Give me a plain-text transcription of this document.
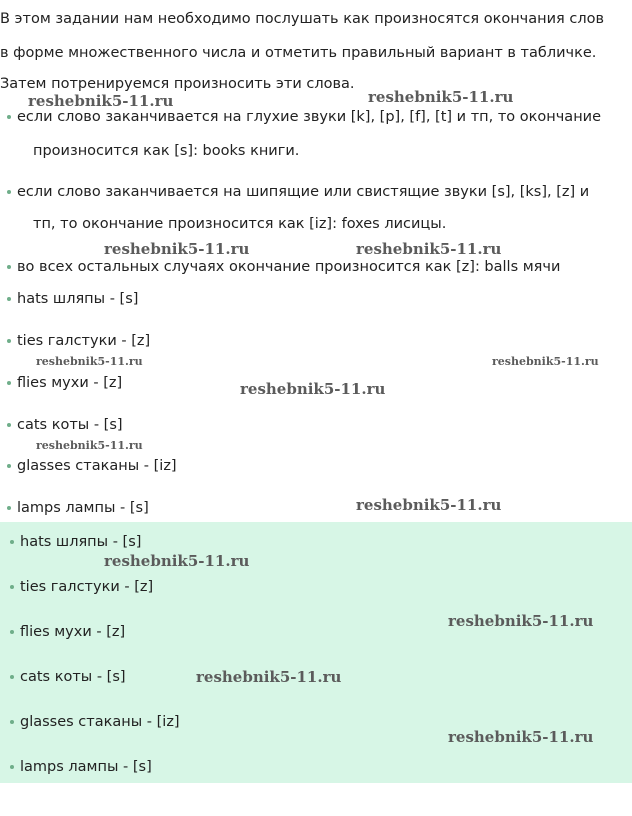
В этом задании нам необходимо послушать как произносятся окончания слов

в форме множественного числа и отметить правильный вариант в табличке.

Затем потренируемся произносить эти слова.

если слово заканчивается на глухие звуки [k], [p], [f], [t] и тп, то окончание

произносится как [s]: books книги.

если слово заканчивается на шипящие или свистящие звуки [s], [ks], [z] и

тп, то окончание произносится как [iz]: foxes лисицы.

во всех остальных случаях окончание произносится как [z]: balls мячи
hats шляпы - [s]
ties галстуки - [z]
flies мухи - [z]
cats коты - [s]
glasses стаканы - [iz]
lamps лампы - [s]
hats шляпы - [s]
ties галстуки - [z]
flies мухи - [z]
cats коты - [s]
glasses стаканы - [iz]
lamps лампы - [s]
reshebnik5-11.ru	reshebnik5-11.ru
reshebnik5-11.ru	reshebnik5-11.ru
reshebnik5-11.ru	reshebnik5-11.ru
reshebnik5-11.ru
reshebnik5-11.ru
reshebnik5-11.ru
reshebnik5-11.ru
reshebnik5-11.ru
reshebnik5-11.ru
reshebnik5-11.ru
